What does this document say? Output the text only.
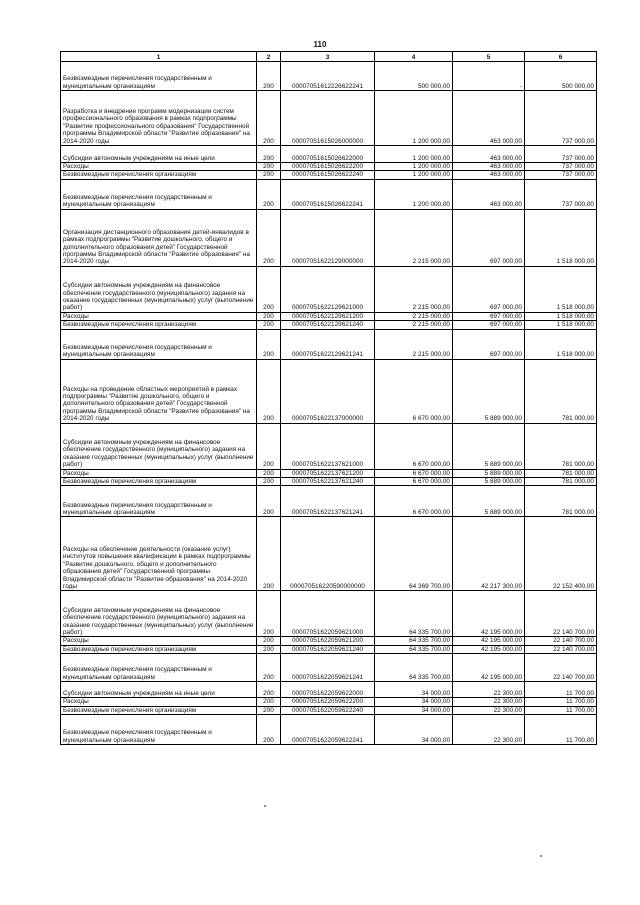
110
1	2	3	4	5	6
Безвозмездные перечисления государственным и муниципальным организациям	200	00007051612226622241	500 000,00	-	500 000,00
Разработка и внедрение программ модернизации систем профессионального образования в рамках подпрограммы "Развитие профессионального образования" Государственной программы Владимирской области "Развитие образования" на 2014-2020 годы	200	00007051615026000000	1 200 000,00	463 000,00	737 000,00
Субсидии автономным учреждениям на иные цели	200	00007051615026622000	1 200 000,00	463 000,00	737 000,00
Расходы	200	00007051615026622200	1 200 000,00	463 000,00	737 000,00
Безвозмездные перечисления организациям	200	00007051615026622240	1 200 000,00	463 000,00	737 000,00
Безвозмездные перечисления государственным и муниципальным организациям	200	00007051615026622241	1 200 000,00	463 000,00	737 000,00
Организация дистанционного образования детей-инвалидов в рамках подпрограммы "Развитие дошкольного, общего и дополнительного образования детей" Государственной программы Владимирской области "Развитие образования" на 2014-2020 годы	200	00007051622129000000	2 215 000,00	697 000,00	1 518 000,00
Субсидии автономным учреждениям на финансовое обеспечение государственного (муниципального) задания на оказание государственных (муниципальных) услуг (выполнение работ)	200	00007051622129621000	2 215 000,00	697 000,00	1 518 000,00
Расходы	200	00007051622129621200	2 215 000,00	697 000,00	1 518 000,00
Безвозмездные перечисления организациям	200	00007051622129621240	2 215 000,00	697 000,00	1 518 000,00
Безвозмездные перечисления государственным и муниципальным организациям	200	00007051622129621241	2 215 000,00	697 000,00	1 518 000,00
Расходы на проведение областных мероприятий в рамках подпрограммы "Развитие дошкольного, общего и дополнительного образования детей" Государственной программы Владимирской области "Развитие образования" на 2014-2020 годы	200	00007051622137000000	6 670 000,00	5 889 000,00	781 000,00
Субсидии автономным учреждениям на финансовое обеспечение государственного (муниципального) задания на оказание государственных (муниципальных) услуг (выполнение работ)	200	00007051622137621000	6 670 000,00	5 889 000,00	781 000,00
Расходы	200	00007051622137621200	6 670 000,00	5 889 000,00	781 000,00
Безвозмездные перечисления организациям	200	00007051622137621240	6 670 000,00	5 889 000,00	781 000,00
Безвозмездные перечисления государственным и муниципальным организациям	200	00007051622137621241	6 670 000,00	5 889 000,00	781 000,00
Расходы на обеспечение деятельности (оказание услуг) институтов повышения квалификации в рамках подпрограммы "Развитие дошкольного, общего и дополнительного образования детей" Государственной программы Владимирской области "Развитие образования" на 2014-2020 годы	200	000070516220590000000	64 369 700,00	42 217 300,00	22 152 400,00
Субсидии автономным учреждениям на финансовое обеспечение государственного (муниципального) задания на оказание государственных (муниципальных) услуг (выполнение работ)	200	00007051622059621000	64 335 700,00	42 195 000,00	22 140 700,00
Расходы	200	00007051622059621200	64 335 700,00	42 195 000,00	22 140 700,00
Безвозмездные перечисления организациям	200	00007051622059621240	64 335 700,00	42 195 000,00	22 140 700,00
Безвозмездные перечисления государственным и муниципальным организациям	200	00007051622059621241	64 335 700,00	42 195 000,00	22 140 700,00
Субсидии автономным учреждениям на иные цели	200	00007051622059622000	34 000,00	22 300,00	11 700,00
Расходы	200	00007051622059622200	34 000,00	22 300,00	11 700,00
Безвозмездные перечисления организациям	200	00007051622059622240	34 000,00	22 300,00	11 700,00
Безвозмездные перечисления государственным и муниципальным организациям	200	00007051622059622241	34 000,00	22 300,00	11 700,00
